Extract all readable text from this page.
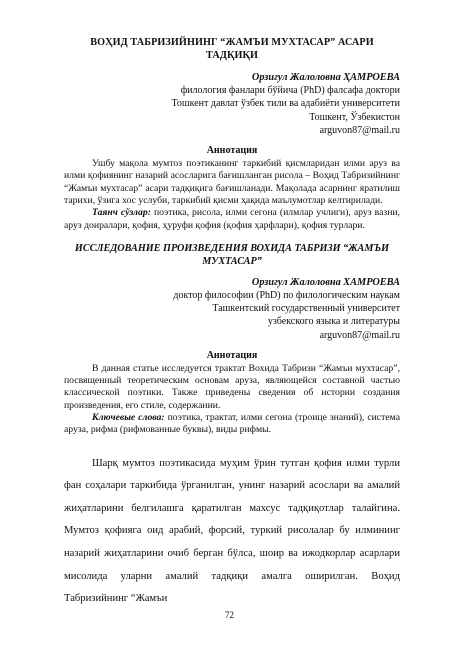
ВОҲИД ТАБРИЗИЙНИНГ “ЖАМЪИ МУХТАСАР” АСАРИ ТАДҚИҚИ
Орзигул Жалоловна ҲАМРОЕВА
филология фанлари бўйича (PhD) фалсафа доктори
Тошкент давлат ўзбек тили ва адабиёти университети
Тошкент, Ўзбекистон
arguvon87@mail.ru
Аннотация

Ушбу мақола мумтоз поэтиканинг таркибий қисмларидан илми аруз ва илми қофиянинг назарий асосларига бағишланган рисола – Воҳид Табризийнинг “Жамъи мухтасар” асари тадқиқига бағишланади. Мақолада асарнинг яратилиш тарихи, ўзига хос услуби, таркибий қисми ҳақида маълумотлар келтирилади.

Таянч сўзлар: поэтика, рисола, илми сегона (илмлар учлиги), аруз вазни, аруз доиралари, қофия, ҳуруфи қофия (қофия ҳарфлари), қофия турлари.

ИССЛЕДОВАНИЕ ПРОИЗВЕДЕНИЯ ВОХИДА ТАБРИЗИ “ЖАМЪИ МУХТАСАР”
Орзигул Жалоловна ХАМРОЕВА
доктор философии (PhD) по филологическим наукам
Ташкентский государственный университет
узбекского языка и литературы
arguvon87@mail.ru
Аннотация

В данная статье исследуется трактат Вохида Табризи “Жамъи мухтасар”, посвященный теоретическим основам аруза, являющейся составной частью классической поэтики. Также приведены сведения об истории создания произведения, его стиле, содержании.

Ключевые слова: поэтика, трактат, илми сегона (троице знаний), система аруза, рифма (рифмованные буквы), виды рифмы.

Шарқ мумтоз поэтикасида муҳим ўрин тутган қофия илми турли фан соҳалари таркибида ўрганилган, унинг назарий асослари ва амалий жиҳатларини белгилашга қаратилган махсус тадқиқотлар талайгина. Мумтоз қофияга оид арабий, форсий, туркий рисолалар бу илмининг назарий жиҳатларини очиб берган бўлса, шоир ва ижодкорлар асарлари мисолида уларни амалий тадқиқи амалга оширилган. Воҳид Табризийнинг “Жамъи

72
